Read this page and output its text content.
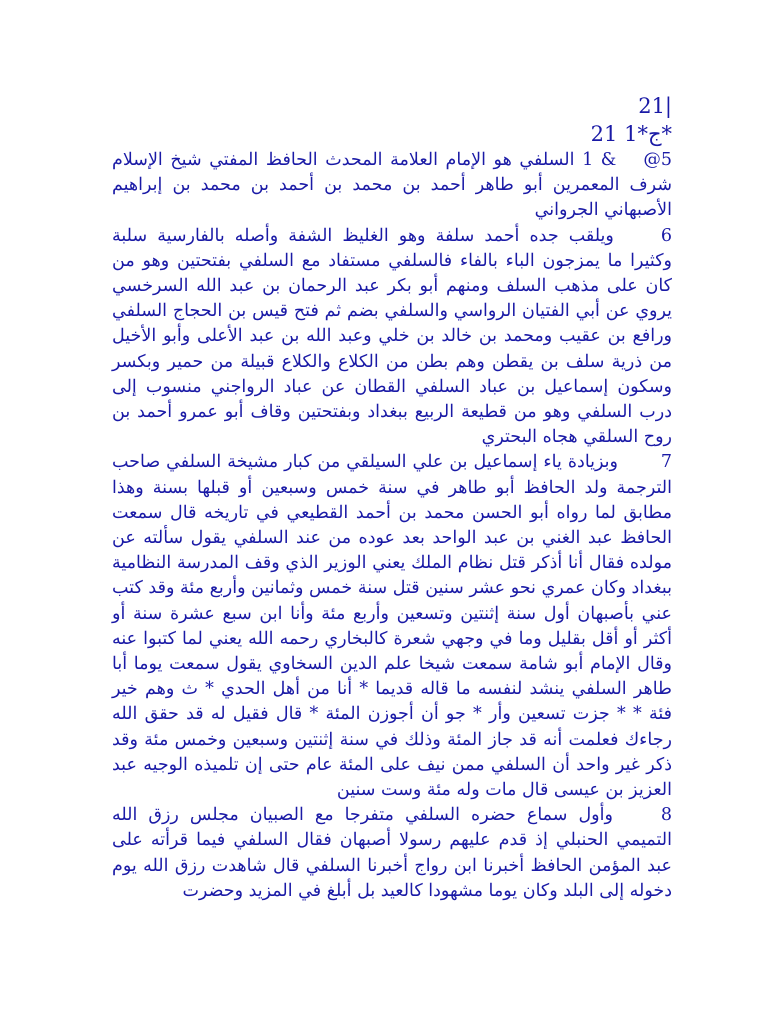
21|
21 ج*1*

5@ & 1 السلفي هو الإمام العلامة المحدث الحافظ المفتي شيخ الإسلام شرف المعمرين أبو طاهر أحمد بن محمد بن أحمد بن محمد بن إبراهيم الأصبهاني الجرواني

6 ويلقب جده أحمد سلفة وهو الغليظ الشفة وأصله بالفارسية سلبة وكثيرا ما يمزجون الباء بالفاء فالسلفي مستفاد مع السلفي بفتحتين وهو من كان على مذهب السلف ومنهم أبو بكر عبد الرحمان بن عبد الله السرخسي يروي عن أبي الفتيان الرواسي والسلفي بضم ثم فتح قيس بن الحجاج السلفي ورافع بن عقيب ومحمد بن خالد بن خلي وعبد الله بن عبد الأعلى وأبو الأخيل من ذرية سلف بن يقطن وهم بطن من الكلاع والكلاع قبيلة من حمير وبكسر وسكون إسماعيل بن عباد السلفي القطان عن عباد الرواجني منسوب إلى درب السلفي وهو من قطيعة الربيع ببغداد وبفتحتين وقاف أبو عمرو أحمد بن روح السلقي هجاه البحتري

7 وبزيادة ياء إسماعيل بن علي السيلقي من كبار مشيخة السلفي صاحب الترجمة ولد الحافظ أبو طاهر في سنة خمس وسبعين أو قبلها بسنة وهذا مطابق لما رواه أبو الحسن محمد بن أحمد القطيعي في تاريخه قال سمعت الحافظ عبد الغني بن عبد الواحد بعد عوده من عند السلفي يقول سألته عن مولده فقال أنا أذكر قتل نظام الملك يعني الوزير الذي وقف المدرسة النظامية ببغداد وكان عمري نحو عشر سنين قتل سنة خمس وثمانين وأربع مئة وقد كتب عني بأصبهان أول سنة إثنتين وتسعين وأربع مئة وأنا ابن سبع عشرة سنة أو أكثر أو أقل بقليل وما في وجهي شعرة كالبخاري رحمه الله يعني لما كتبوا عنه وقال الإمام أبو شامة سمعت شيخا علم الدين السخاوي يقول سمعت يوما أبا طاهر السلفي ينشد لنفسه ما قاله قديما * أنا من أهل الحدي * ث وهم خير فئة * * جزت تسعين وأر * جو أن أجوزن المئة * قال فقيل له قد حقق الله رجاءك فعلمت أنه قد جاز المئة وذلك في سنة إثنتين وسبعين وخمس مئة وقد ذكر غير واحد أن السلفي ممن نيف على المئة عام حتى إن تلميذه الوجيه عبد العزيز بن عيسى قال مات وله مئة وست سنين

8 وأول سماع حضره السلفي متفرجا مع الصبيان مجلس رزق الله التميمي الحنبلي إذ قدم عليهم رسولا أصبهان فقال السلفي فيما قرأته على عبد المؤمن الحافظ أخبرنا ابن رواج أخبرنا السلفي قال شاهدت رزق الله يوم دخوله إلى البلد وكان يوما مشهودا كالعيد بل أبلغ في المزيد وحضرت
